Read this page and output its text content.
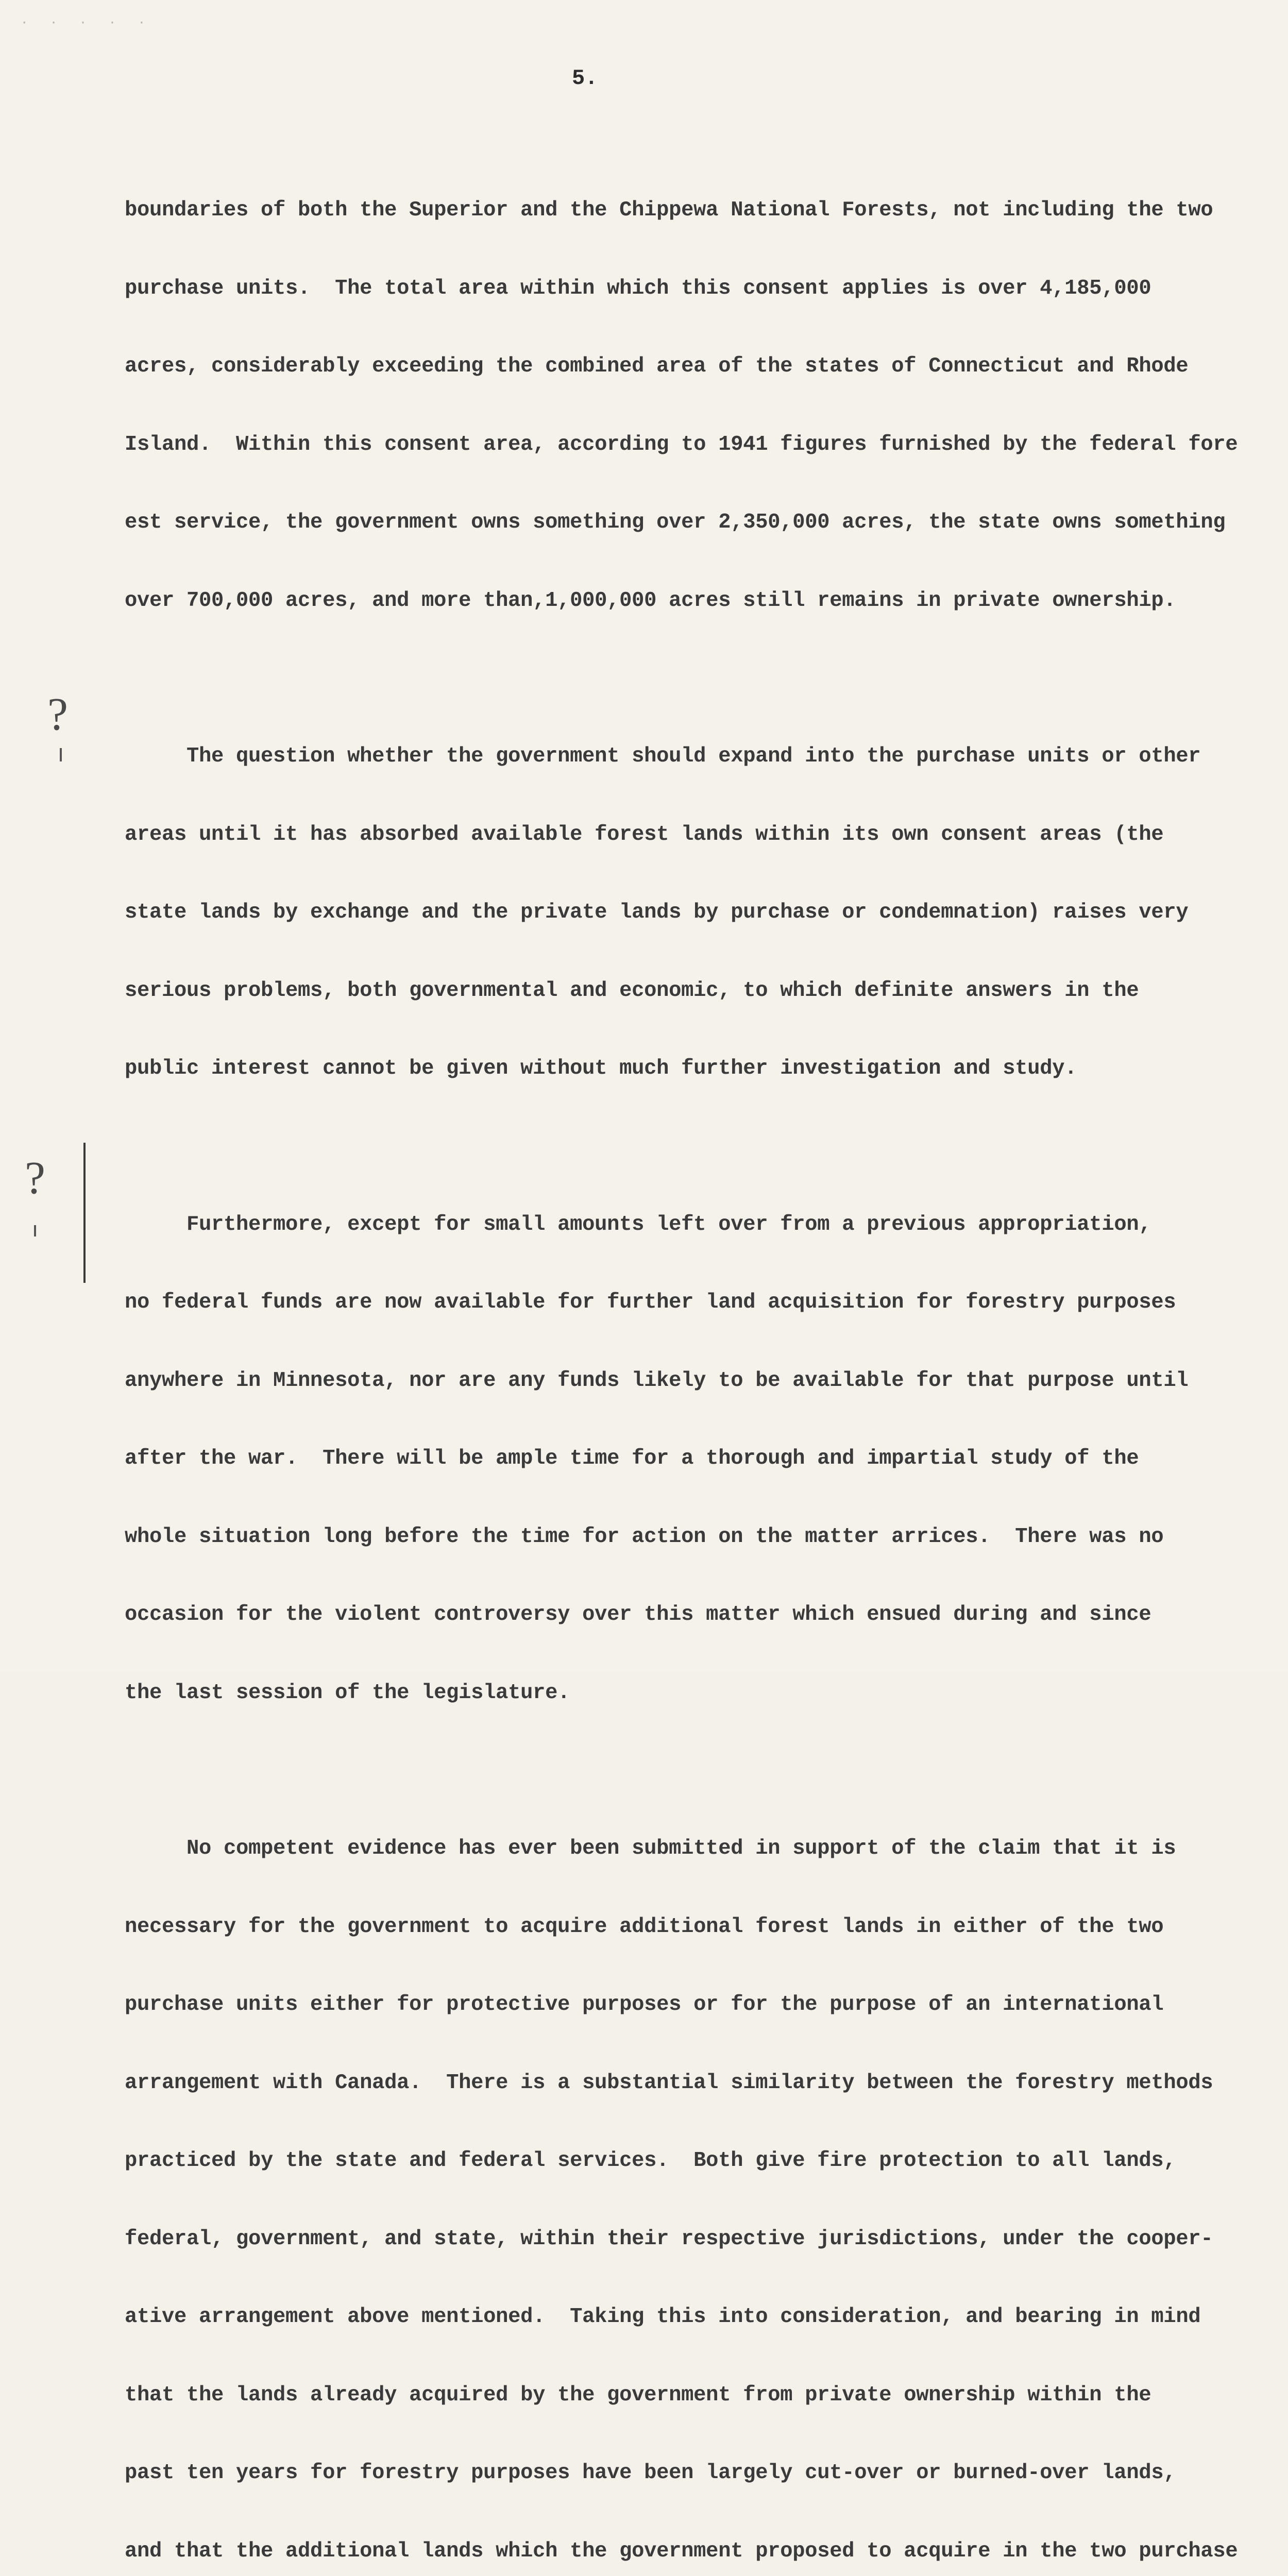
· · · · ·

5.

?
?

boundaries of both the Superior and the Chippewa National Forests, not including the two

purchase units.  The total area within which this consent applies is over 4,185,000

acres, considerably exceeding the combined area of the states of Connecticut and Rhode

Island.  Within this consent area, according to 1941 figures furnished by the federal fore

est service, the government owns something over 2,350,000 acres, the state owns something

over 700,000 acres, and more than,1,000,000 acres still remains in private ownership.

The question whether the government should expand into the purchase units or other

areas until it has absorbed available forest lands within its own consent areas (the

state lands by exchange and the private lands by purchase or condemnation) raises very

serious problems, both governmental and economic, to which definite answers in the

public interest cannot be given without much further investigation and study.

Furthermore, except for small amounts left over from a previous appropriation,

no federal funds are now available for further land acquisition for forestry purposes

anywhere in Minnesota, nor are any funds likely to be available for that purpose until

after the war.  There will be ample time for a thorough and impartial study of the

whole situation long before the time for action on the matter arrices.  There was no

occasion for the violent controversy over this matter which ensued during and since

the last session of the legislature.

No competent evidence has ever been submitted in support of the claim that it is

necessary for the government to acquire additional forest lands in either of the two

purchase units either for protective purposes or for the purpose of an international

arrangement with Canada.  There is a substantial similarity between the forestry methods

practiced by the state and federal services.  Both give fire protection to all lands,

federal, government, and state, within their respective jurisdictions, under the cooper-

ative arrangement above mentioned.  Taking this into consideration, and bearing in mind

that the lands already acquired by the government from private ownership within the

past ten years for forestry purposes have been largely cut-over or burned-over lands,

and that the additional lands which the government proposed to acquire in the two purchase
